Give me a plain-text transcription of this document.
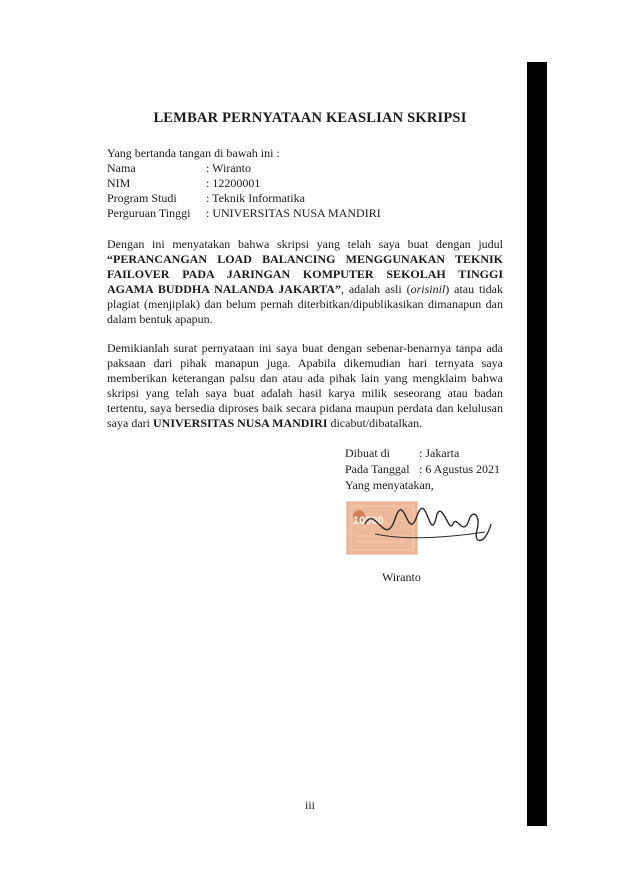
LEMBAR PERNYATAAN KEASLIAN SKRIPSI
Yang bertanda tangan di bawah ini :
Nama	: Wiranto
NIM	: 12200001
Program Studi	: Teknik Informatika
Perguruan Tinggi	: UNIVERSITAS NUSA MANDIRI
Dengan ini menyatakan bahwa skripsi yang telah saya buat dengan judul “PERANCANGAN LOAD BALANCING MENGGUNAKAN TEKNIK FAILOVER PADA JARINGAN KOMPUTER SEKOLAH TINGGI AGAMA BUDDHA NALANDA JAKARTA”, adalah asli (orisinil) atau tidak plagiat (menjiplak) dan belum pernah diterbitkan/dipublikasikan dimanapun dan dalam bentuk apapun.
Demikianlah surat pernyataan ini saya buat dengan sebenar-benarnya tanpa ada paksaan dari pihak manapun juga. Apabila dikemudian hari ternyata saya memberikan keterangan palsu dan atau ada pihak lain yang mengklaim bahwa skripsi yang telah saya buat adalah hasil karya milik seseorang atau badan tertentu, saya bersedia diproses baik secara pidana maupun perdata dan kelulusan saya dari UNIVERSITAS NUSA MANDIRI dicabut/dibatalkan.
Dibuat di : Jakarta
Pada Tanggal : 6 Agustus 2021
Yang menyatakan,
10000
Wiranto
iii
